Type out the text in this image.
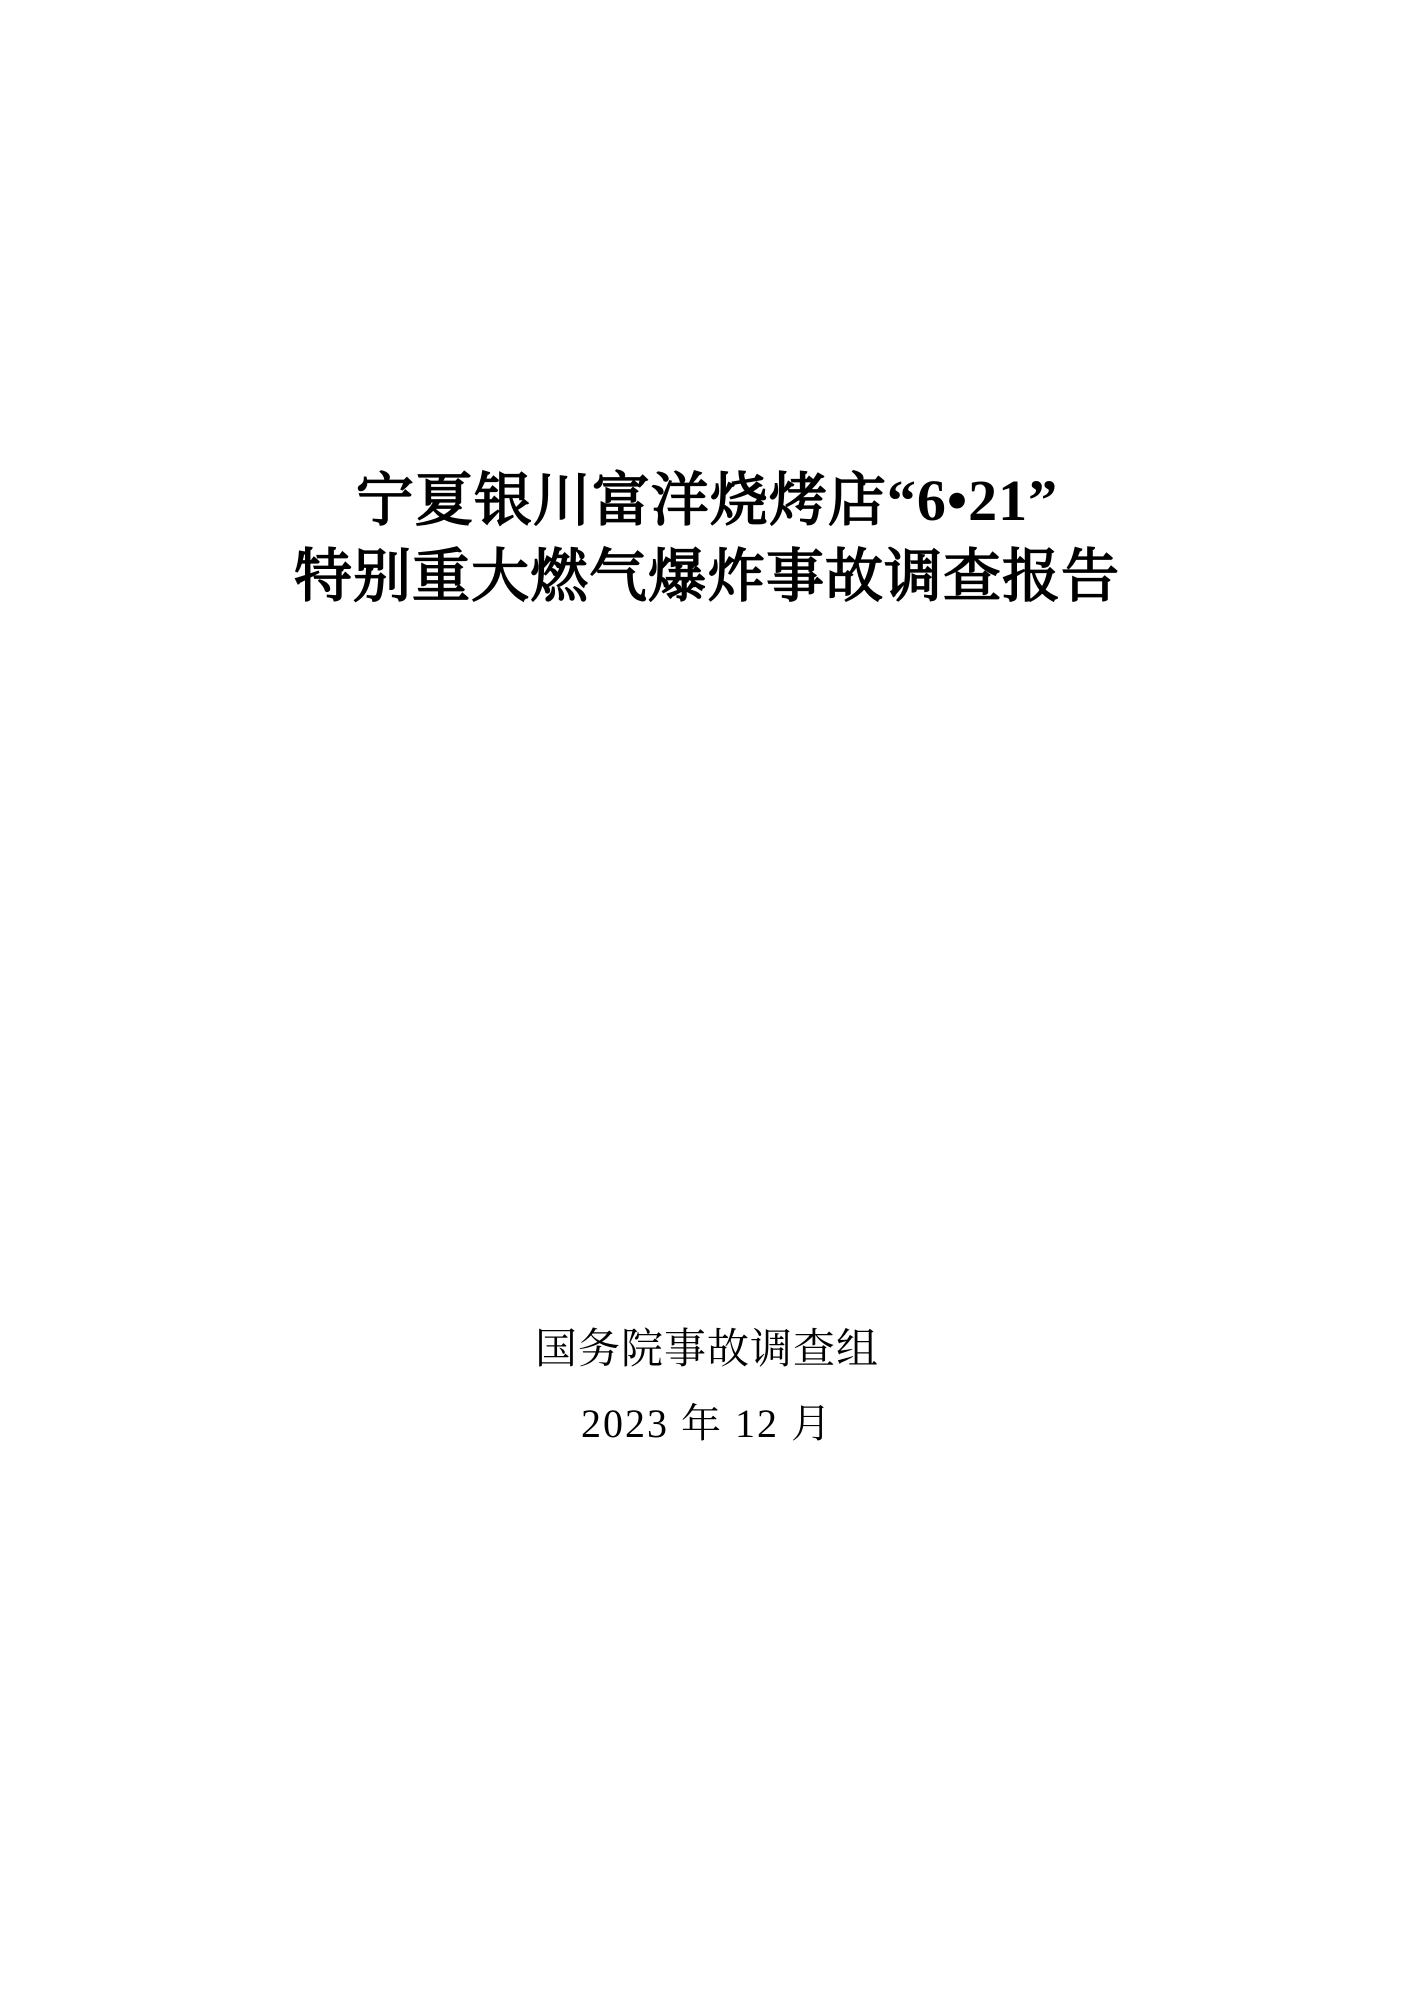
宁夏银川富洋烧烤店“6•21”
特别重大燃气爆炸事故调查报告
国务院事故调查组
2023 年 12 月
